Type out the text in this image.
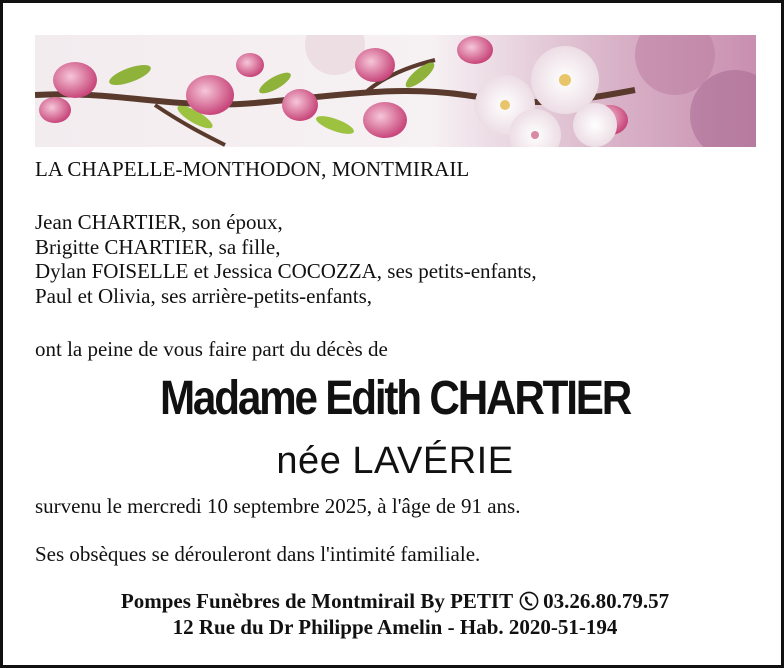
LA CHAPELLE-MONTHODON, MONTMIRAIL
Jean CHARTIER, son époux,
Brigitte CHARTIER, sa fille,
Dylan FOISELLE et Jessica COCOZZA, ses petits-enfants,
Paul et Olivia, ses arrière-petits-enfants,
ont la peine de vous faire part du décès de
Madame Edith CHARTIER
née LAVÉRIE
survenu le mercredi 10 septembre 2025, à l'âge de 91 ans.
Ses obsèques se dérouleront dans l'intimité familiale.
Pompes Funèbres de Montmirail By PETIT 03.26.80.79.57
12 Rue du Dr Philippe Amelin - Hab. 2020-51-194
